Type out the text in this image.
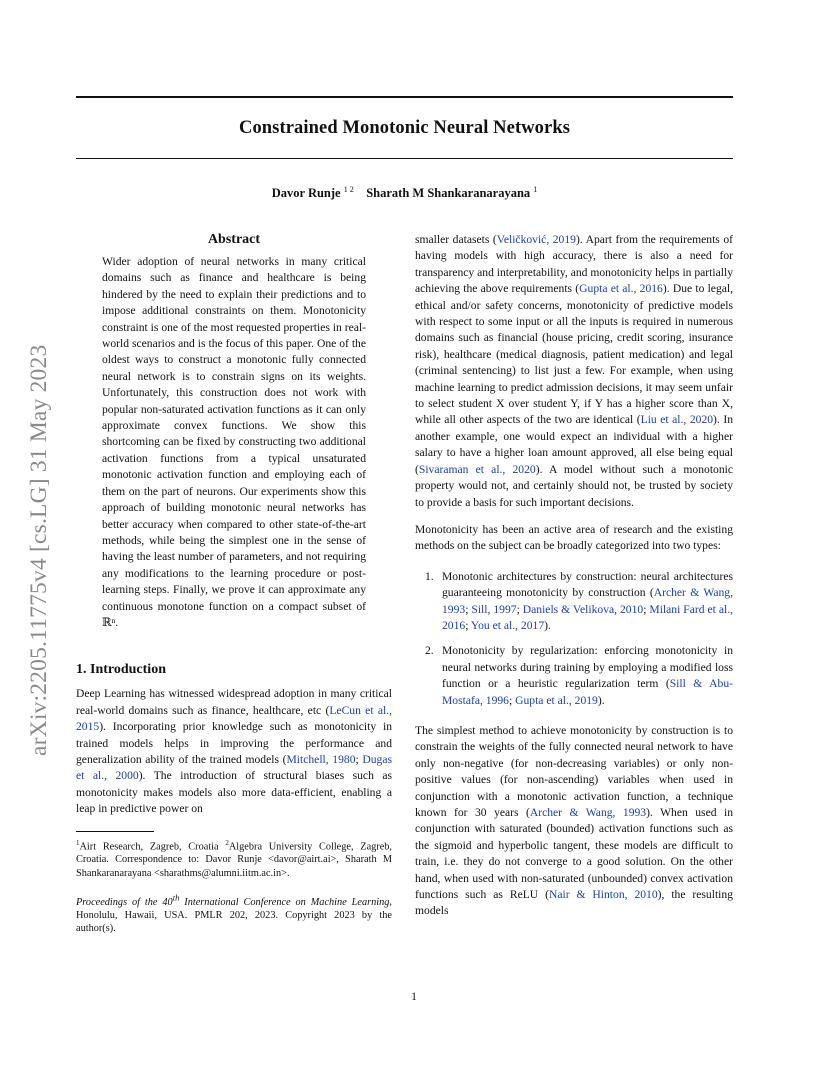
arXiv:2205.11775v4 [cs.LG] 31 May 2023
Constrained Monotonic Neural Networks
Davor Runje $^{1 2}$ Sharath M Shankaranarayana $^1$
Abstract

Wider adoption of neural networks in many critical domains such as finance and healthcare is being hindered by the need to explain their predictions and to impose additional constraints on them. Monotonicity constraint is one of the most requested properties in real-world scenarios and is the focus of this paper. One of the oldest ways to construct a monotonic fully connected neural network is to constrain signs on its weights. Unfortunately, this construction does not work with popular non-saturated activation functions as it can only approximate convex functions. We show this shortcoming can be fixed by constructing two additional activation functions from a typical unsaturated monotonic activation function and employing each of them on the part of neurons. Our experiments show this approach of building monotonic neural networks has better accuracy when compared to other state-of-the-art methods, while being the simplest one in the sense of having the least number of parameters, and not requiring any modifications to the learning procedure or post-learning steps. Finally, we prove it can approximate any continuous monotone function on a compact subset of ℝⁿ.

1. Introduction

Deep Learning has witnessed widespread adoption in many critical real-world domains such as finance, healthcare, etc (LeCun et al., 2015). Incorporating prior knowledge such as monotonicity in trained models helps in improving the performance and generalization ability of the trained models (Mitchell, 1980; Dugas et al., 2000). The introduction of structural biases such as monotonicity makes models also more data-efficient, enabling a leap in predictive power on

$^1$Airt Research, Zagreb, Croatia $^2$Algebra University College, Zagreb, Croatia. Correspondence to: Davor Runje <davor@airt.ai>, Sharath M Shankaranarayana <sharathms@alumni.iitm.ac.in>.

Proceedings of the 40th International Conference on Machine Learning, Honolulu, Hawaii, USA. PMLR 202, 2023. Copyright 2023 by the author(s).

smaller datasets (Veličković, 2019). Apart from the requirements of having models with high accuracy, there is also a need for transparency and interpretability, and monotonicity helps in partially achieving the above requirements (Gupta et al., 2016). Due to legal, ethical and/or safety concerns, monotonicity of predictive models with respect to some input or all the inputs is required in numerous domains such as financial (house pricing, credit scoring, insurance risk), healthcare (medical diagnosis, patient medication) and legal (criminal sentencing) to list just a few. For example, when using machine learning to predict admission decisions, it may seem unfair to select student X over student Y, if Y has a higher score than X, while all other aspects of the two are identical (Liu et al., 2020). In another example, one would expect an individual with a higher salary to have a higher loan amount approved, all else being equal (Sivaraman et al., 2020). A model without such a monotonic property would not, and certainly should not, be trusted by society to provide a basis for such important decisions.

Monotonicity has been an active area of research and the existing methods on the subject can be broadly categorized into two types:

1. Monotonic architectures by construction: neural architectures guaranteeing monotonicity by construction (Archer & Wang, 1993; Sill, 1997; Daniels & Velikova, 2010; Milani Fard et al., 2016; You et al., 2017).
2. Monotonicity by regularization: enforcing monotonicity in neural networks during training by employing a modified loss function or a heuristic regularization term (Sill & Abu-Mostafa, 1996; Gupta et al., 2019).

The simplest method to achieve monotonicity by construction is to constrain the weights of the fully connected neural network to have only non-negative (for non-decreasing variables) or only non-positive values (for non-ascending) variables when used in conjunction with a monotonic activation function, a technique known for 30 years (Archer & Wang, 1993). When used in conjunction with saturated (bounded) activation functions such as the sigmoid and hyperbolic tangent, these models are difficult to train, i.e. they do not converge to a good solution. On the other hand, when used with non-saturated (unbounded) convex activation functions such as ReLU (Nair & Hinton, 2010), the resulting models

1
